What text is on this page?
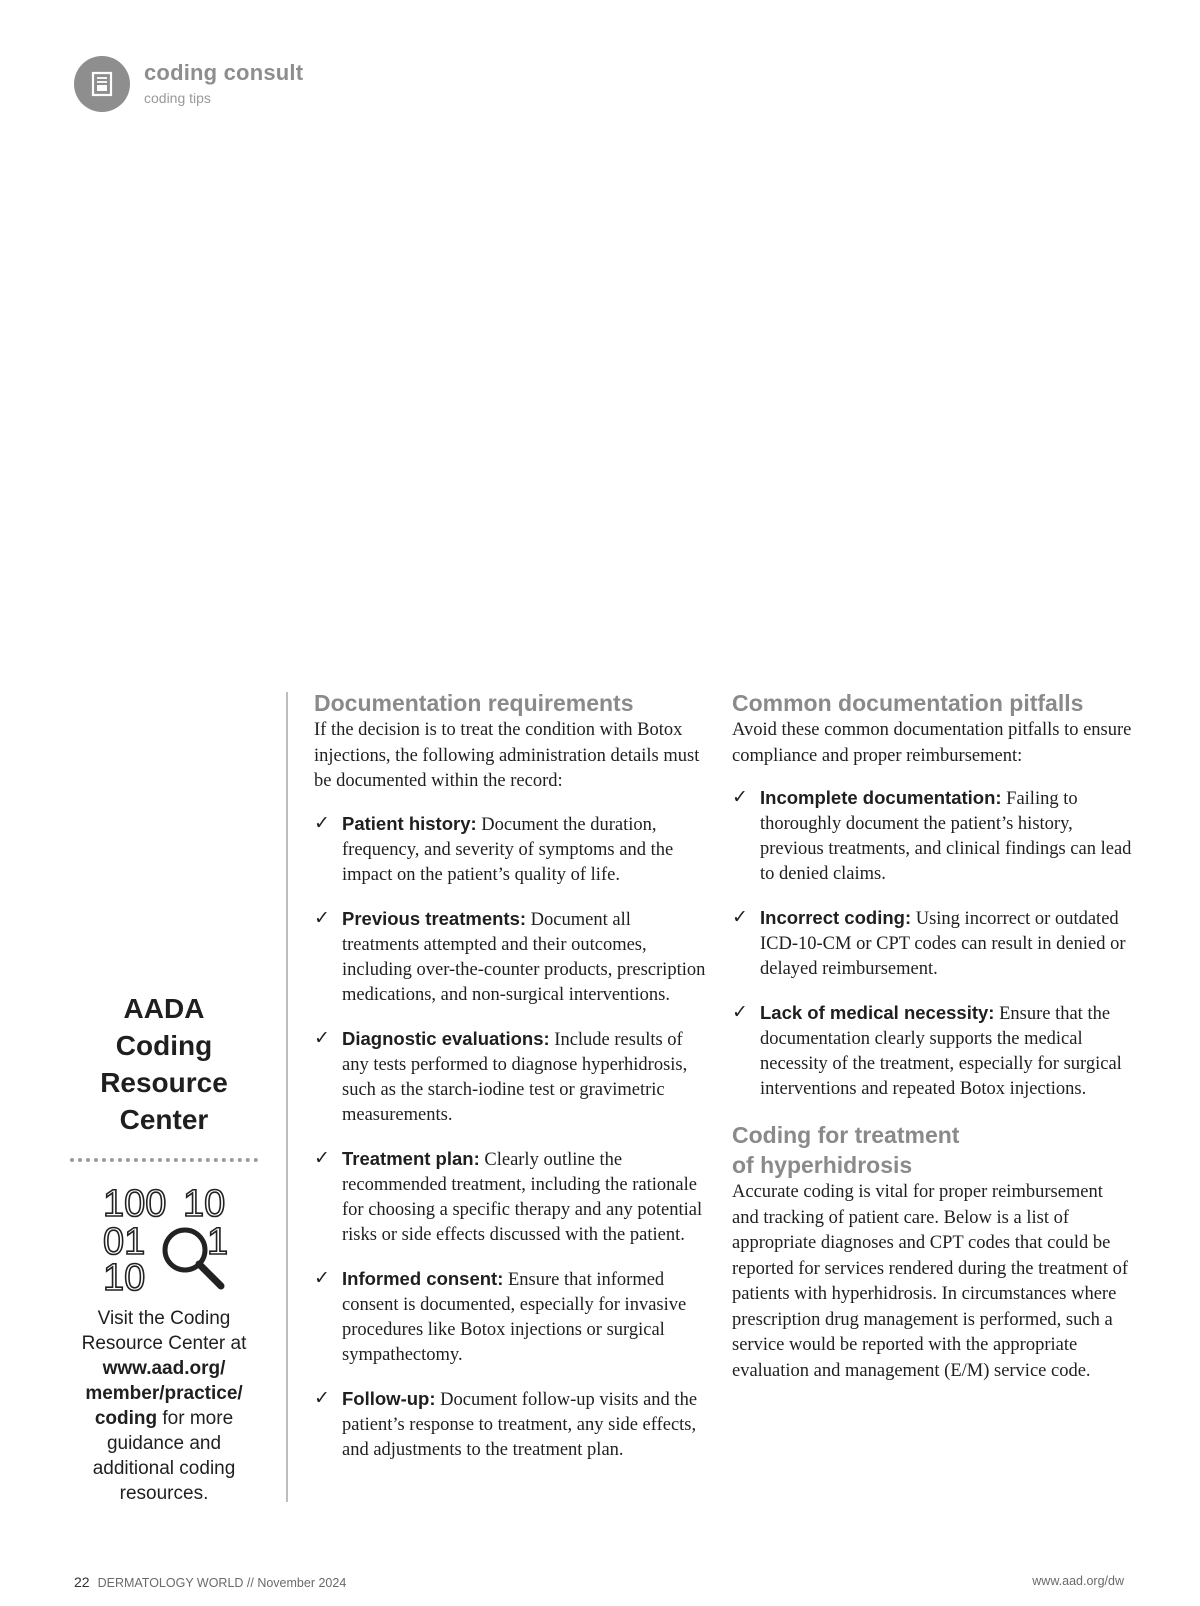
coding consult
coding tips
AADA
Coding
Resource
Center
100 10
01 1
10
Visit the Coding Resource Center at www.aad.org/ member/practice/ coding for more guidance and additional coding resources.
Documentation requirements

If the decision is to treat the condition with Botox injections, the following administration details must be documented within the record:

✓ Patient history: Document the duration, frequency, and severity of symptoms and the impact on the patient’s quality of life.
✓ Previous treatments: Document all treatments attempted and their outcomes, including over-the-counter products, prescription medications, and non-surgical interventions.
✓ Diagnostic evaluations: Include results of any tests performed to diagnose hyperhidrosis, such as the starch-iodine test or gravimetric measurements.
✓ Treatment plan: Clearly outline the recommended treatment, including the rationale for choosing a specific therapy and any potential risks or side effects discussed with the patient.
✓ Informed consent: Ensure that informed consent is documented, especially for invasive procedures like Botox injections or surgical sympathectomy.
✓ Follow-up: Document follow-up visits and the patient’s response to treatment, any side effects, and adjustments to the treatment plan.
Common documentation pitfalls

Avoid these common documentation pitfalls to ensure compliance and proper reimbursement:

✓ Incomplete documentation: Failing to thoroughly document the patient’s history, previous treatments, and clinical findings can lead to denied claims.
✓ Incorrect coding: Using incorrect or outdated ICD-10-CM or CPT codes can result in denied or delayed reimbursement.
✓ Lack of medical necessity: Ensure that the documentation clearly supports the medical necessity of the treatment, especially for surgical interventions and repeated Botox injections.
Coding for treatment
of hyperhidrosis

Accurate coding is vital for proper reimbursement and tracking of patient care. Below is a list of appropriate diagnoses and CPT codes that could be reported for services rendered during the treatment of patients with hyperhidrosis. In circumstances where prescription drug management is performed, such a service would be reported with the appropriate evaluation and management (E/M) service code.

22 DERMATOLOGY WORLD // November 2024	www.aad.org/dw
